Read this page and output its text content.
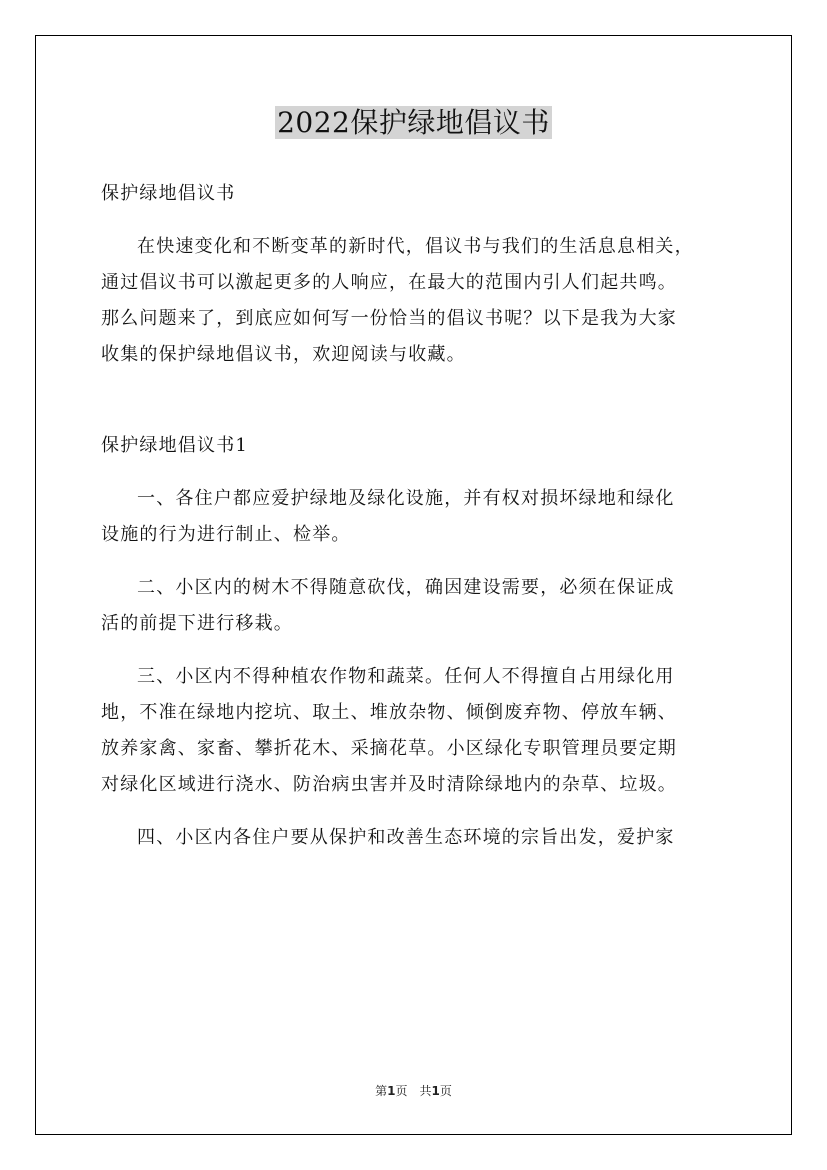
2022保护绿地倡议书

保护绿地倡议书

在快速变化和不断变革的新时代，倡议书与我们的生活息息相关，

通过倡议书可以激起更多的人响应，在最大的范围内引人们起共鸣。

那么问题来了，到底应如何写一份恰当的倡议书呢？以下是我为大家

收集的保护绿地倡议书，欢迎阅读与收藏。

保护绿地倡议书1

一、各住户都应爱护绿地及绿化设施，并有权对损坏绿地和绿化

设施的行为进行制止、检举。

二、小区内的树木不得随意砍伐，确因建设需要，必须在保证成

活的前提下进行移栽。

三、小区内不得种植农作物和蔬菜。任何人不得擅自占用绿化用

地，不准在绿地内挖坑、取土、堆放杂物、倾倒废弃物、停放车辆、

放养家禽、家畜、攀折花木、采摘花草。小区绿化专职管理员要定期

对绿化区域进行浇水、防治病虫害并及时清除绿地内的杂草、垃圾。

四、小区内各住户要从保护和改善生态环境的宗旨出发，爱护家

第1页　共1页
